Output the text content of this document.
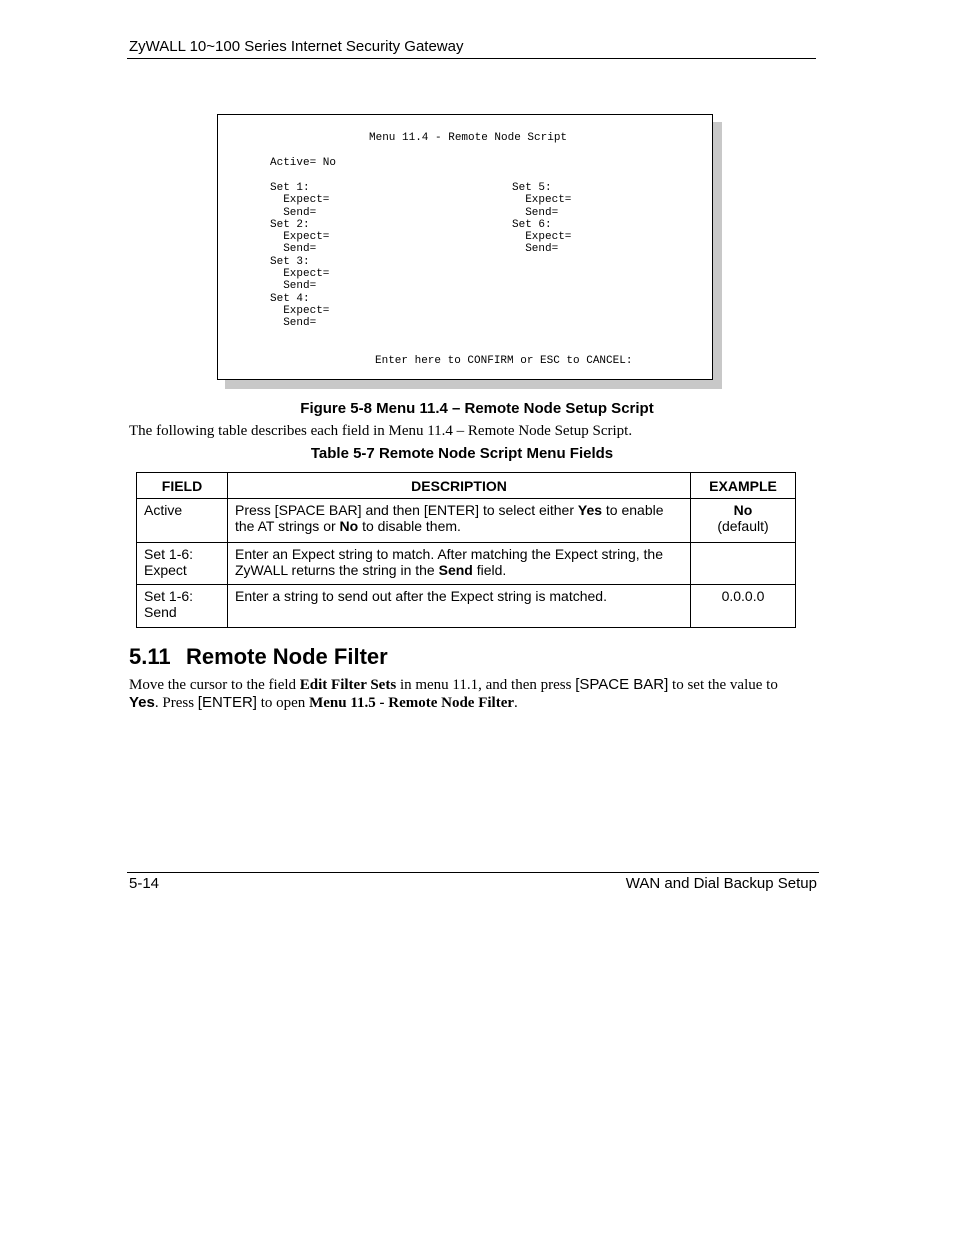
ZyWALL 10~100 Series Internet Security Gateway
Menu 11.4 - Remote Node Script
Active= No
Set 1:
Expect=
Send=
Set 2:
Expect=
Send=
Set 3:
Expect=
Send=
Set 4:
Expect=
Send=
Set 5:
Expect=
Send=
Set 6:
Expect=
Send=
Enter here to CONFIRM or ESC to CANCEL:
Figure 5-8 Menu 11.4 – Remote Node Setup Script
The following table describes each field in Menu 11.4 – Remote Node Setup Script.
Table 5-7 Remote Node Script Menu Fields
FIELD	DESCRIPTION	EXAMPLE
Active	Press [SPACE BAR] and then [ENTER] to select either Yes to enable the AT strings or No to disable them.	No
(default)
Set 1-6:
Expect	Enter an Expect string to match. After matching the Expect string, the ZyWALL returns the string in the Send field.	
Set 1-6:
Send	Enter a string to send out after the Expect string is matched.	0.0.0.0
5.11 Remote Node Filter
Move the cursor to the field Edit Filter Sets in menu 11.1, and then press [SPACE BAR] to set the value to
Yes. Press [ENTER] to open Menu 11.5 - Remote Node Filter.
5-14	WAN and Dial Backup Setup
